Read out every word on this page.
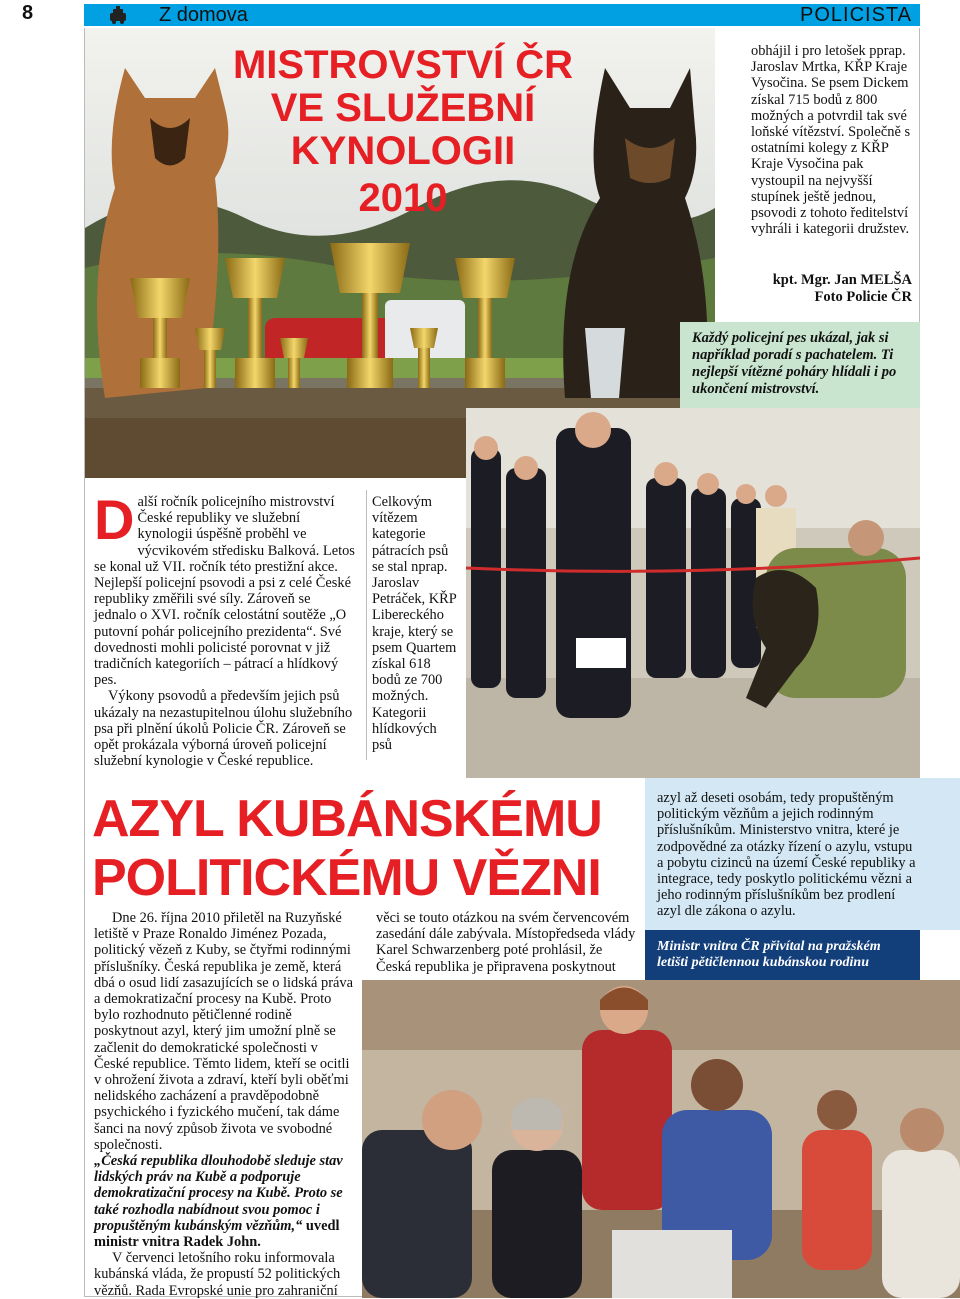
8	Z domova	POLICISTA
MISTROVSTVÍ ČR
VE SLUŽEBNÍ
KYNOLOGII
2010

obhájil i pro letošek pprap. Jaroslav Mrtka, KŘP Kraje Vysočina. Se psem Dickem získal 715 bodů z 800 možných a potvrdil tak své loňské vítězství. Společně s ostatními kolegy z KŘP Kraje Vysočina pak vystoupil na nejvyšší stupínek ještě jednou, psovodi z tohoto ředitelství vyhráli i kategorii družstev.

kpt. Mgr. Jan MELŠA
Foto Policie ČR

Každý policejní pes ukázal, jak si například poradí s pachatelem. Ti nejlepší vítězné poháry hlídali i po ukončení mistrovství.

D alší ročník policejního mistrovství České republiky ve služební kynologii úspěšně proběhl ve výcvikovém středisku Balková. Letos se konal už VII. ročník této prestižní akce. Nejlepší policejní psovodi a psi z celé České republiky změřili své síly. Zároveň se jednalo o XVI. ročník celostátní soutěže „O putovní pohár policejního prezidenta“. Své dovednosti mohli policisté porovnat v již tradičních kategoriích – pátrací a hlídkový pes.

Výkony psovodů a především jejich psů ukázaly na nezastupitelnou úlohu služebního psa při plnění úkolů Policie ČR. Zároveň se opět prokázala výborná úroveň policejní služební kynologie v České republice.

Celkovým vítězem kategorie pátracích psů se stal nprap. Jaroslav Petráček, KŘP Libereckého kraje, který se psem Quartem získal 618 bodů ze 700 možných. Kategorii hlídkových psů

AZYL KUBÁNSKÉMU
POLITICKÉMU VĚZNI

Dne 26. října 2010 přiletěl na Ruzyňské letiště v Praze Ronaldo Jiménez Pozada, politický vězeň z Kuby, se čtyřmi rodinnými příslušníky. Česká republika je země, která dbá o osud lidí zasazujících se o lidská práva a demokratizační procesy na Kubě. Proto bylo rozhodnuto pětičlenné rodině poskytnout azyl, který jim umožní plně se začlenit do demokratické společnosti v České republice. Těmto lidem, kteří se ocitli v ohrožení života a zdraví, kteří byli oběťmi nelidského zacházení a pravděpodobně psychického i fyzického mučení, tak dáme šanci na nový způsob života ve svobodné společnosti.

„Česká republika dlouhodobě sleduje stav lidských práv na Kubě a podporuje demokratizační procesy na Kubě. Proto se také rozhodla nabídnout svou pomoc i propuštěným kubánským vězňům,“ uvedl ministr vnitra Radek John.

V červenci letošního roku informovala kubánská vláda, že propustí 52 politických vězňů. Rada Evropské unie pro zahraniční

věci se touto otázkou na svém červencovém zasedání dále zabývala. Místopředseda vlády Karel Schwarzenberg poté prohlásil, že Česká republika je připravena poskytnout

azyl až deseti osobám, tedy propuštěným politickým vězňům a jejich rodinným příslušníkům. Ministerstvo vnitra, které je zodpovědné za otázky řízení o azylu, vstupu a pobytu cizinců na území České republiky a integrace, tedy poskytlo politickému vězni a jeho rodinným příslušníkům bez prodlení azyl dle zákona o azylu.

Ministr vnitra ČR přivítal na pražském letišti pětičlennou kubánskou rodinu
